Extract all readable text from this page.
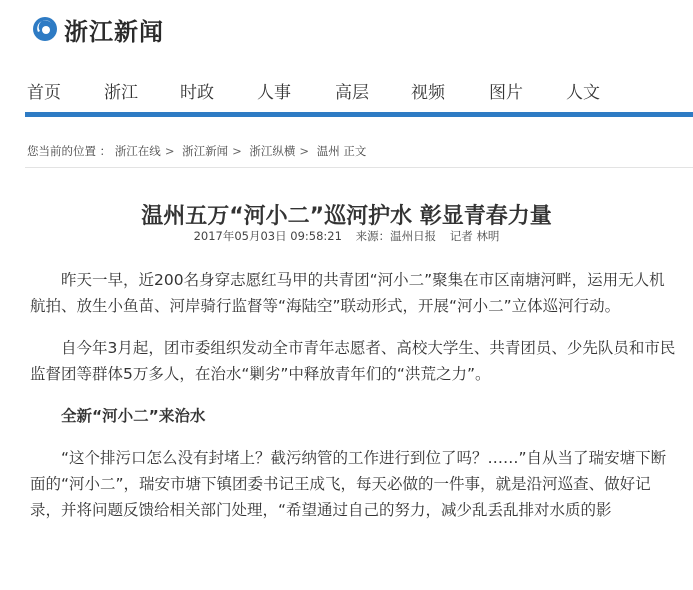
浙江新闻
首页	浙江 时政	人事	高层 视频	图片	人文
您当前的位置 ： 浙江在线 > 浙江新闻 > 浙江纵横 > 温州 正文
温州五万“河小二”巡河护水 彰显青春力量
2017年05月03日 09:58:21 来源：温州日报 记者 林明

昨天一早，近200名身穿志愿红马甲的共青团“河小二”聚集在市区南塘河畔，运用无人机航拍、放生小鱼苗、河岸骑行监督等“海陆空”联动形式，开展“河小二”立体巡河行动。

自今年3月起，团市委组织发动全市青年志愿者、高校大学生、共青团员、少先队员和市民监督团等群体5万多人，在治水“剿劣”中释放青年们的“洪荒之力”。

全新“河小二”来治水

“这个排污口怎么没有封堵上？截污纳管的工作进行到位了吗？……”自从当了瑞安塘下断面的“河小二”，瑞安市塘下镇团委书记王成飞，每天必做的一件事，就是沿河巡查、做好记录，并将问题反馈给相关部门处理，“希望通过自己的努力，减少乱丢乱排对水质的影
